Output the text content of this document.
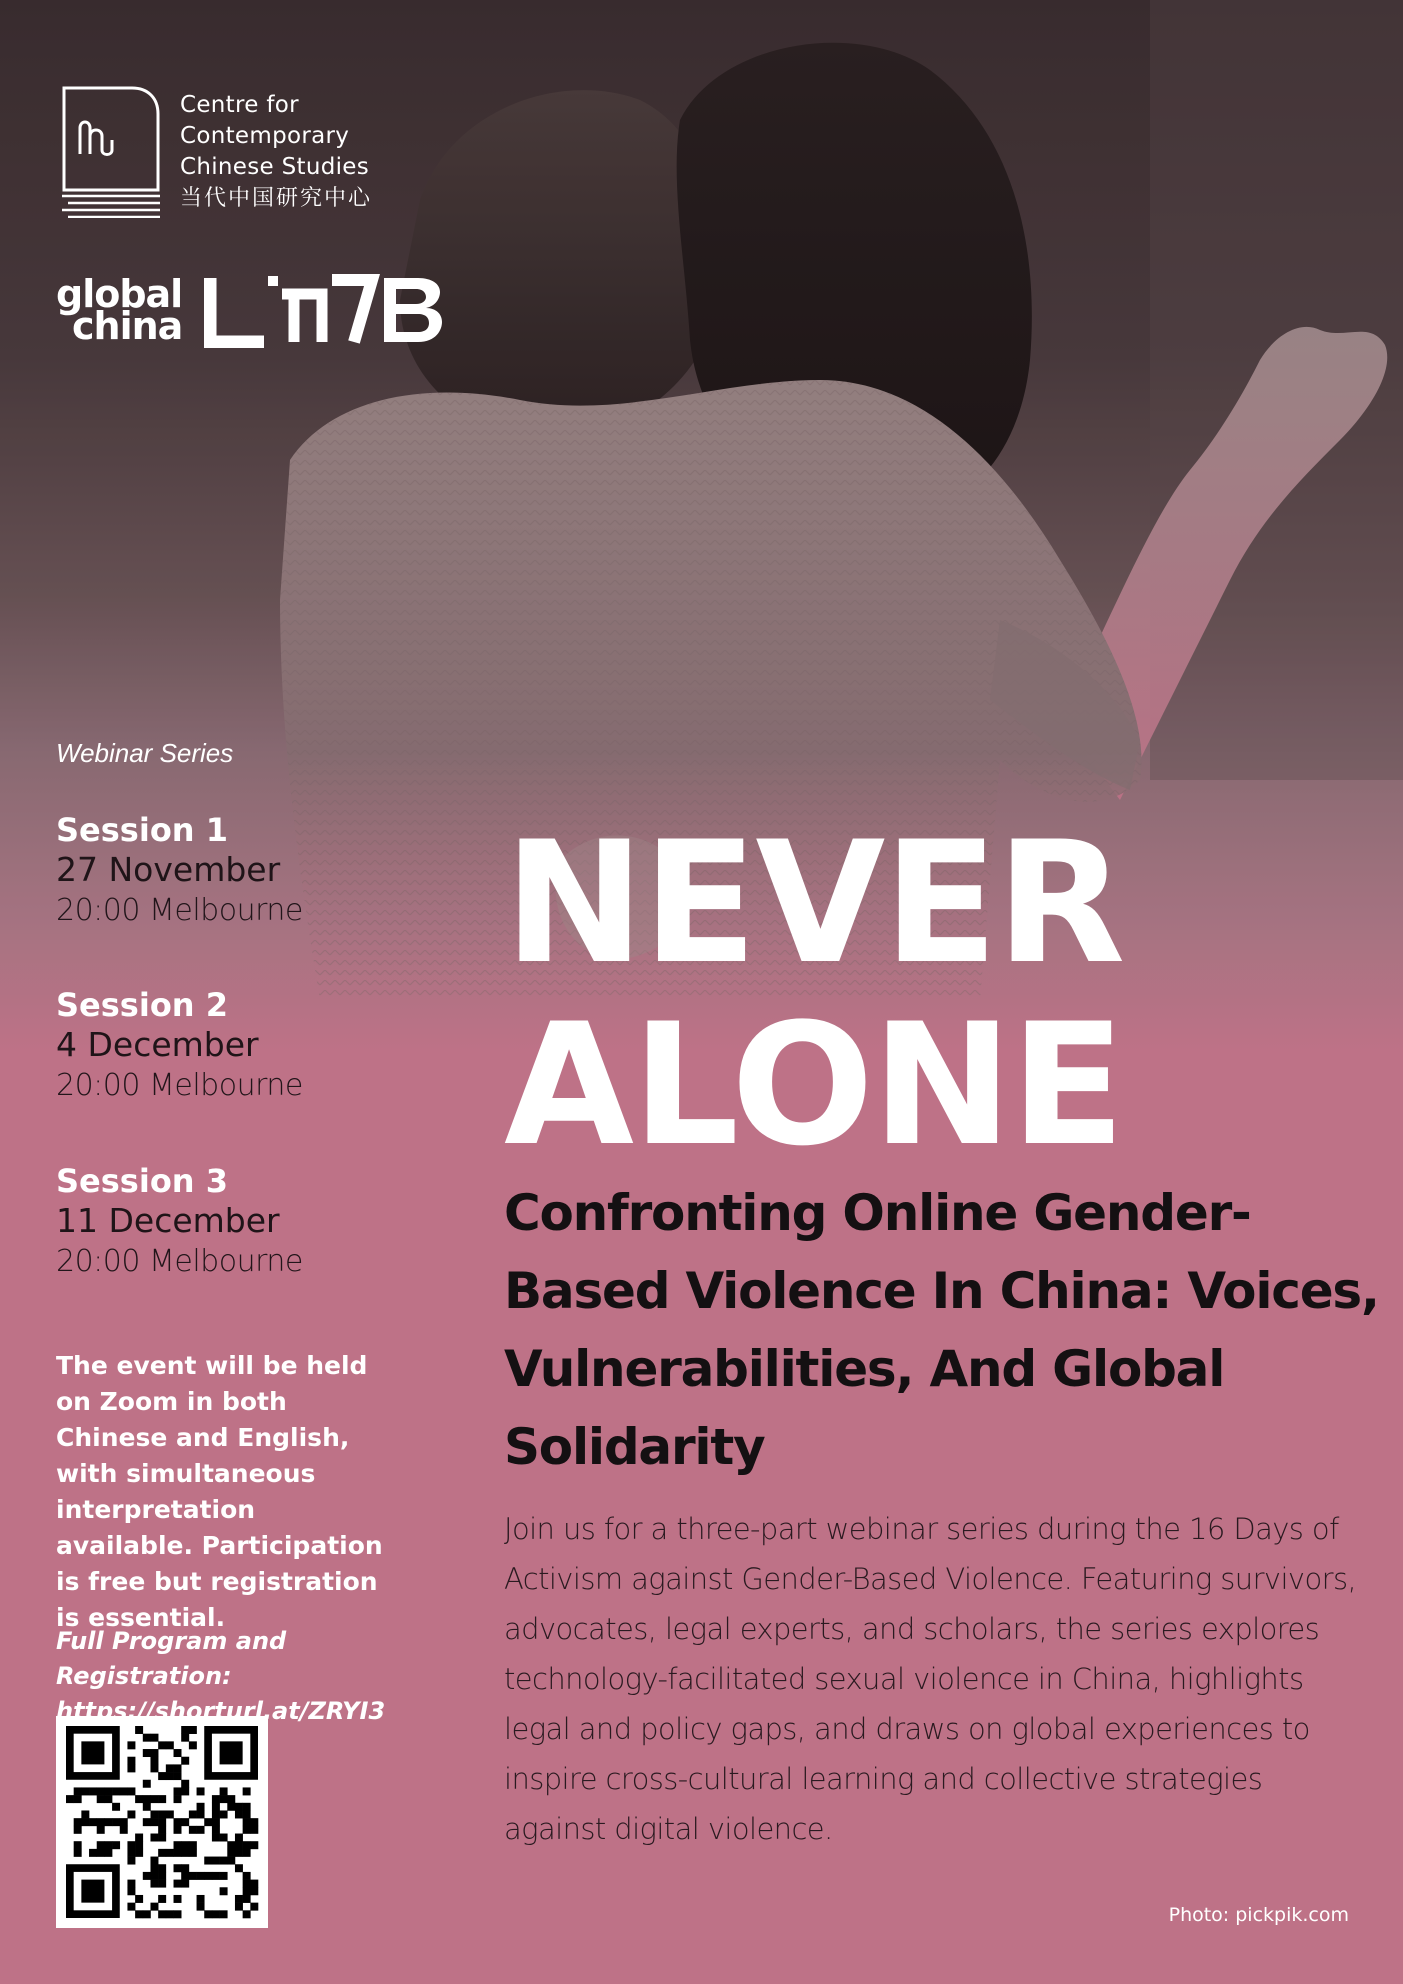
Centre for
Contemporary
Chinese Studies
当代中国研究中心
global
china
Webinar Series
Session 1
27 November
20:00 Melbourne
Session 2
4 December
20:00 Melbourne
Session 3
11 December
20:00 Melbourne
The event will be held on Zoom in both Chinese and English, with simultaneous interpretation available. Participation is free but registration is essential.
Full Program and Registration:
https://shorturl.at/ZRYI3
NEVER
ALONE
Confronting Online Gender-Based Violence In China: Voices, Vulnerabilities, And Global Solidarity
Join us for a three-part webinar series during the 16 Days of Activism against Gender-Based Violence. Featuring survivors, advocates, legal experts, and scholars, the series explores technology-facilitated sexual violence in China, highlights legal and policy gaps, and draws on global experiences to inspire cross-cultural learning and collective strategies against digital violence.
Photo: pickpik.com
